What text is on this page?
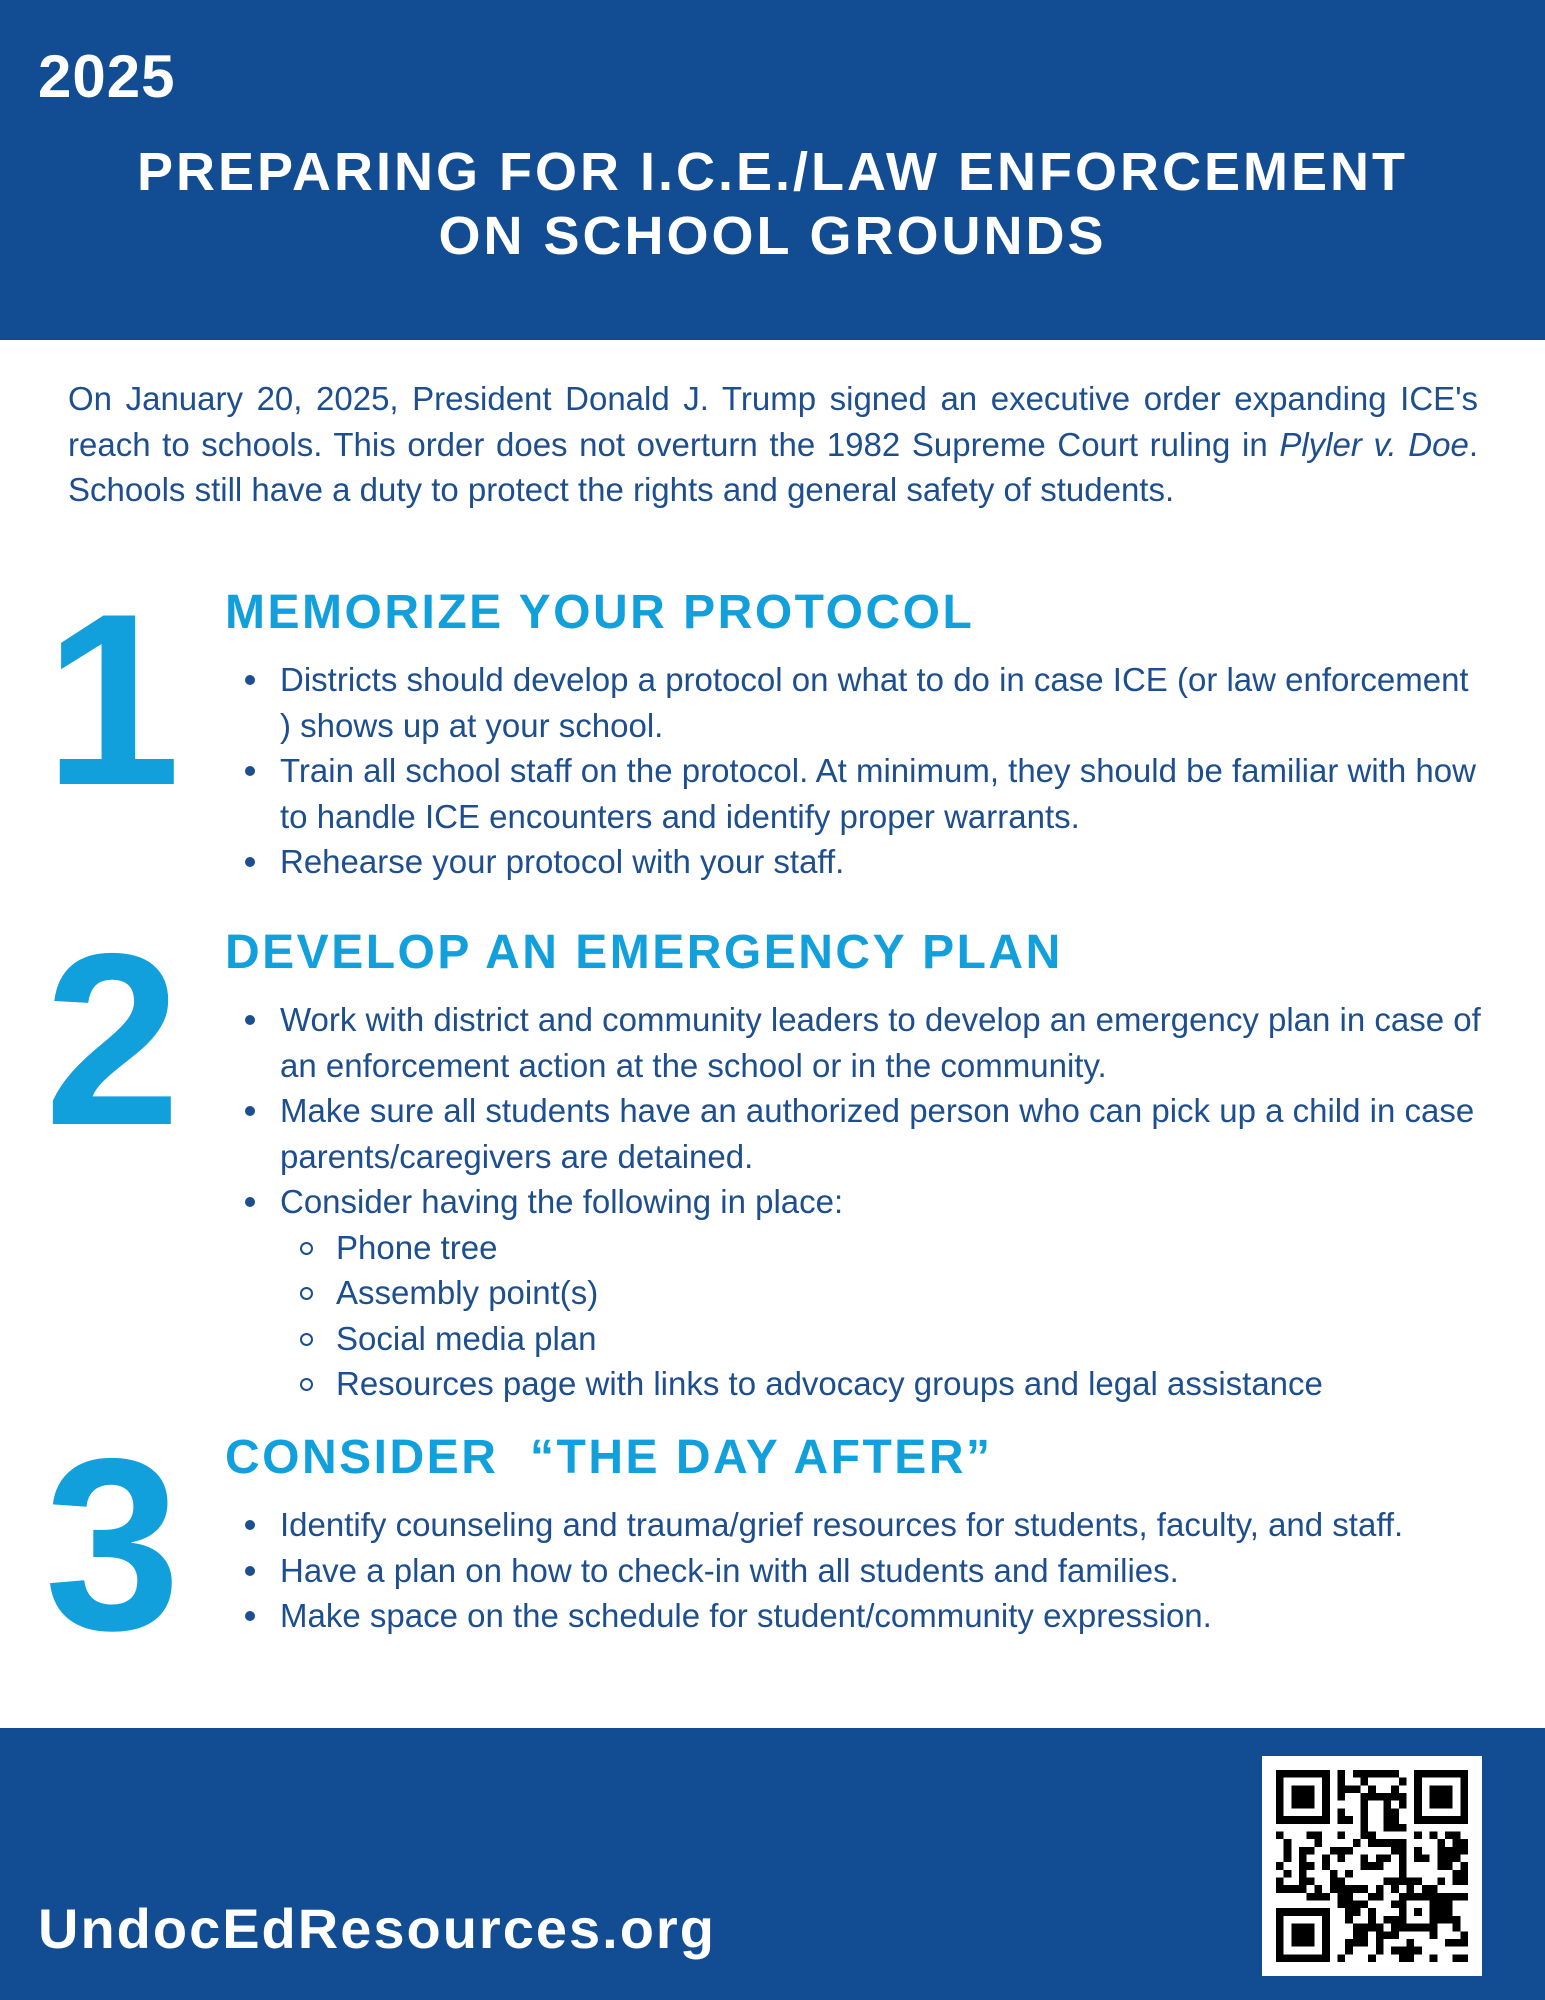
2025
PREPARING FOR I.C.E./LAW ENFORCEMENT
ON SCHOOL GROUNDS

On January 20, 2025, President Donald J. Trump signed an executive order expanding ICE's reach to schools. This order does not overturn the 1982 Supreme Court ruling in Plyler v. Doe. Schools still have a duty to protect the rights and general safety of students.

1 MEMORIZE YOUR PROTOCOL
Districts should develop a protocol on what to do in case ICE (or law enforcement ) shows up at your school.
Train all school staff on the protocol. At minimum, they should be familiar with how to handle ICE encounters and identify proper warrants.
Rehearse your protocol with your staff.
2 DEVELOP AN EMERGENCY PLAN
Work with district and community leaders to develop an emergency plan in case of an enforcement action at the school or in the community.
Make sure all students have an authorized person who can pick up a child in case parents/caregivers are detained.
Consider having the following in place:
Phone tree
Assembly point(s)
Social media plan
Resources page with links to advocacy groups and legal assistance
3 CONSIDER  “THE DAY AFTER”
Identify counseling and trauma/grief resources for students, faculty, and staff.
Have a plan on how to check-in with all students and families.
Make space on the schedule for student/community expression.
UndocEdResources.org
